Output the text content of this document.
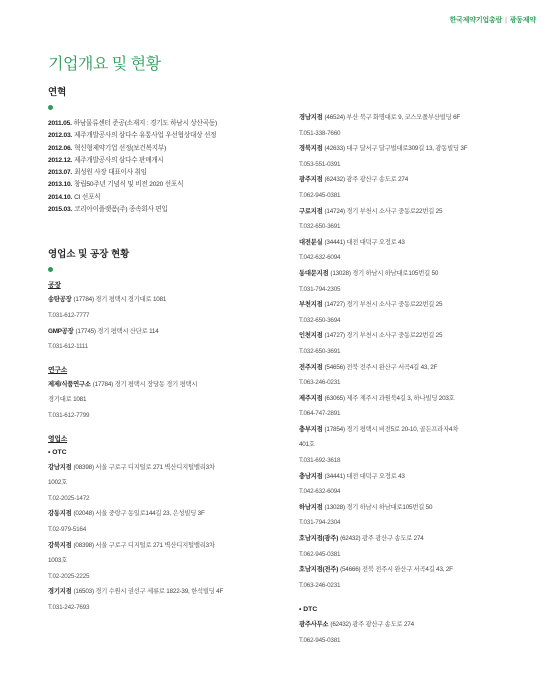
한국제약기업총람 | 광동제약
기업개요 및 현황
연혁
2011.05. 하남물류센터 준공(소재지 : 경기도 하남시 상산곡동)
2012.03. 제주개발공사의 삼다수 유통사업 우선협상대상 선정
2012.06. 혁신형제약기업 선정(보건복지부)
2012.12. 제주개발공사의 삼다수 판매개시
2013.07. 최성원 사장 대표이사 취임
2013.10. 창립50주년 기념식 및 비전 2020 선포식
2014.10. CI 선포식
2015.03. 코리아이플랫폼(주) 종속회사 편입
영업소 및 공장 현황
공장
송탄공장 (17784) 경기 평택시 경기대로 1081
T.031-612-7777
GMP공장 (17745) 경기 평택시 산단로 114
T.031-612-1111
연구소
제제/식품연구소 (17784) 경기 평택시 장당동 경기 평택시
경기대로 1081
T.031-612-7799
영업소
• OTC
강남지점 (08398) 서울 구로구 디지털로 271 벽산디지털밸리3차
1002호
T.02-2025-1472
강동지점 (02048) 서울 중랑구 동일로144길 23, 은성빌딩 3F
T.02-979-5164
강북지점 (08398) 서울 구로구 디지털로 271 벽산디지털밸리3차
1003호
T.02-2025-2225
경기지점 (16503) 경기 수원시 권선구 세류로 1822-39, 한석빌딩 4F
T.031-242-7693
경남지점 (46524) 부산 북구 화명대로 9, 코스모폴부산빌딩 6F
T.051-338-7660
경북지점 (42633) 대구 달서구 달구벌대로309길 13, 광동빌딩 3F
T.053-551-0391
광주지점 (62432) 광주 광산구 송도로 274
T.062-945-0381
구로지점 (14724) 경기 부천시 소사구 중동로22번길 25
T.032-650-3691
대전분실 (34441) 대전 대덕구 오정로 43
T.042-632-6094
동대문지점 (13028) 경기 하남시 하남대로105번길 50
T.031-794-2305
부천지점 (14727) 경기 부천시 소사구 중동로22번길 25
T.032-650-3694
인천지점 (14727) 경기 부천시 소사구 중동로22번길 25
T.032-650-3691
전주지점 (54656) 전북 전주시 완산구 서곡4길 43, 2F
T.063-246-0231
제주지점 (63065) 제주 제주시 과원북4길 3, 하나빌딩 203호
T.064-747-2891
충부지점 (17854) 경기 평택시 비전5로 20-10, 골든프라자4차
401호
T.031-692-3618
충남지점 (34441) 대전 대덕구 오정로 43
T.042-632-6094
하남지점 (13028) 경기 하남시 하남대로105번길 50
T.031-794-2304
호남지점(광주) (62432) 광주 광산구 송도로 274
T.062-945-0381
호남지점(전주) (54666) 전북 전주시 완산구 서곡4길 43, 2F
T.063-246-0231
• DTC
광주사무소 (62432) 광주 광산구 송도로 274
T.062-945-0381
